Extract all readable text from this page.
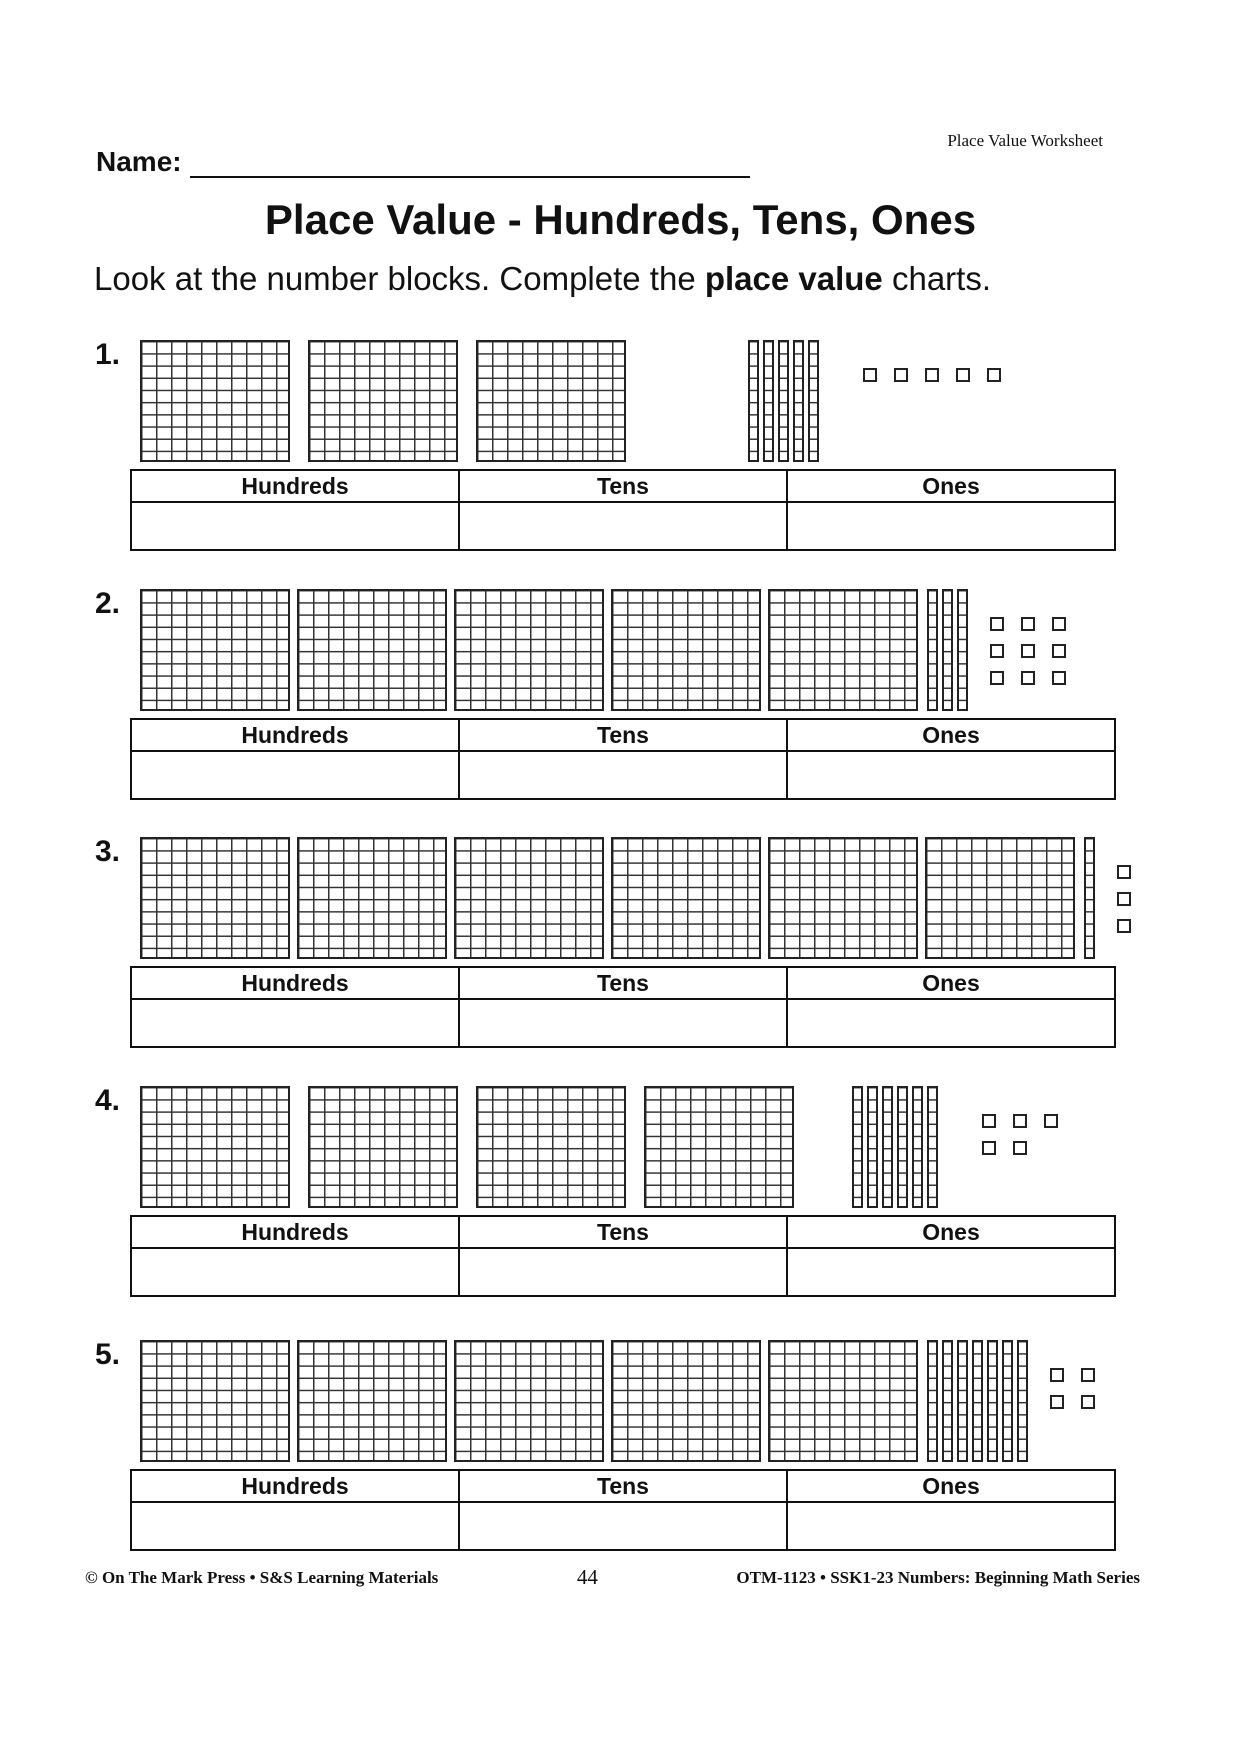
Place Value Worksheet
Name:
Place Value - Hundreds, Tens, Ones
Look at the number blocks. Complete the place value charts.
1.
Hundreds	Tens	Ones

2.
Hundreds	Tens	Ones

3.
Hundreds	Tens	Ones

4.
Hundreds	Tens	Ones

5.
Hundreds	Tens	Ones

© On The Mark Press • S&S Learning Materials	44	OTM-1123 • SSK1-23 Numbers: Beginning Math Series
